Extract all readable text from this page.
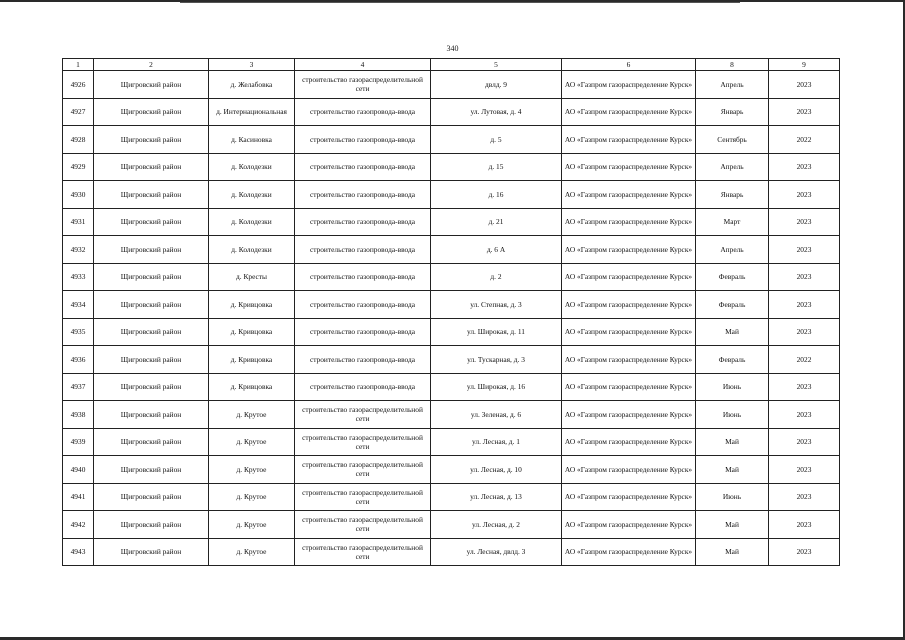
340
1	2	3	4	5	6	8	9
4926	Щигровский район	д. Желабовка	строительство газораспределительной сети	двлд. 9	АО «Газпром газораспределение Курск»	Апрель	2023
4927	Щигровский район	д. Интернациональная	строительство газопровода-ввода	ул. Лутовая, д. 4	АО «Газпром газораспределение Курск»	Январь	2023
4928	Щигровский район	д. Касиновка	строительство газопровода-ввода	д. 5	АО «Газпром газораспределение Курск»	Сентябрь	2022
4929	Щигровский район	д. Колодезки	строительство газопровода-ввода	д. 15	АО «Газпром газораспределение Курск»	Апрель	2023
4930	Щигровский район	д. Колодезки	строительство газопровода-ввода	д. 16	АО «Газпром газораспределение Курск»	Январь	2023
4931	Щигровский район	д. Колодезки	строительство газопровода-ввода	д. 21	АО «Газпром газораспределение Курск»	Март	2023
4932	Щигровский район	д. Колодезки	строительство газопровода-ввода	д. 6 А	АО «Газпром газораспределение Курск»	Апрель	2023
4933	Щигровский район	д. Кресты	строительство газопровода-ввода	д. 2	АО «Газпром газораспределение Курск»	Февраль	2023
4934	Щигровский район	д. Кривцовка	строительство газопровода-ввода	ул. Степная, д. 3	АО «Газпром газораспределение Курск»	Февраль	2023
4935	Щигровский район	д. Кривцовка	строительство газопровода-ввода	ул. Широкая, д. 11	АО «Газпром газораспределение Курск»	Май	2023
4936	Щигровский район	д. Кривцовка	строительство газопровода-ввода	ул. Тускарная, д. 3	АО «Газпром газораспределение Курск»	Февраль	2022
4937	Щигровский район	д. Кривцовка	строительство газопровода-ввода	ул. Широкая, д. 16	АО «Газпром газораспределение Курск»	Июнь	2023
4938	Щигровский район	д. Крутое	строительство газораспределительной сети	ул. Зеленая, д. 6	АО «Газпром газораспределение Курск»	Июнь	2023
4939	Щигровский район	д. Крутое	строительство газораспределительной сети	ул. Лесная, д. 1	АО «Газпром газораспределение Курск»	Май	2023
4940	Щигровский район	д. Крутое	строительство газораспределительной сети	ул. Лесная, д. 10	АО «Газпром газораспределение Курск»	Май	2023
4941	Щигровский район	д. Крутое	строительство газораспределительной сети	ул. Лесная, д. 13	АО «Газпром газораспределение Курск»	Июнь	2023
4942	Щигровский район	д. Крутое	строительство газораспределительной сети	ул. Лесная, д. 2	АО «Газпром газораспределение Курск»	Май	2023
4943	Щигровский район	д. Крутое	строительство газораспределительной сети	ул. Лесная, двлд. 3	АО «Газпром газораспределение Курск»	Май	2023
